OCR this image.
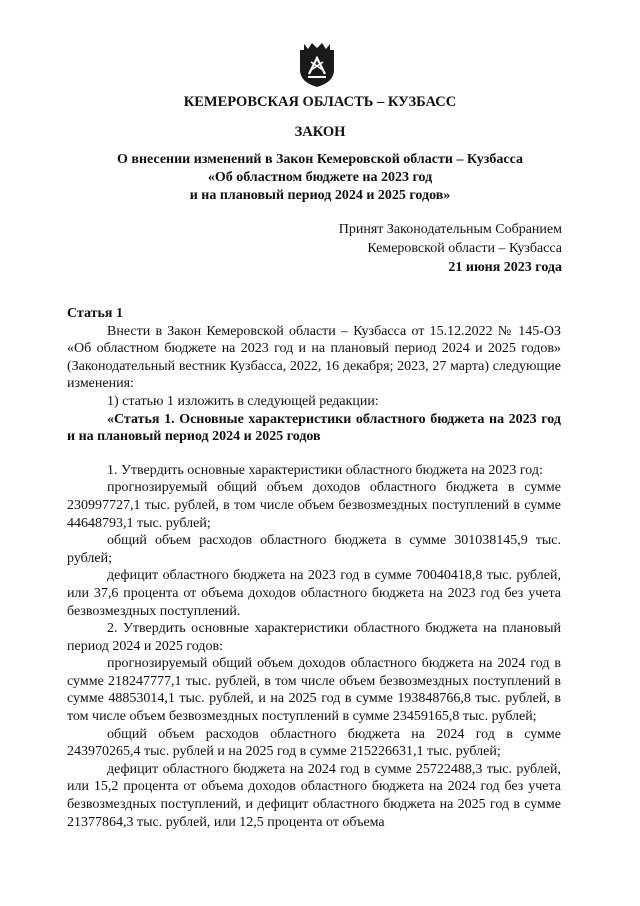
КЕМЕРОВСКАЯ ОБЛАСТЬ – КУЗБАСС
ЗАКОН
О внесении изменений в Закон Кемеровской области – Кузбасса
«Об областном бюджете на 2023 год
и на плановый период 2024 и 2025 годов»
Принят Законодательным Собранием
Кемеровской области – Кузбасса
21 июня 2023 года

Статья 1

Внести в Закон Кемеровской области – Кузбасса от 15.12.2022 № 145-ОЗ «Об областном бюджете на 2023 год и на плановый период 2024 и 2025 годов» (Законодательный вестник Кузбасса, 2022, 16 декабря; 2023, 27 марта) следующие изменения:

1) статью 1 изложить в следующей редакции:

«Статья 1. Основные характеристики областного бюджета на 2023 год и на плановый период 2024 и 2025 годов

1. Утвердить основные характеристики областного бюджета на 2023 год:

прогнозируемый общий объем доходов областного бюджета в сумме 230997727,1 тыс. рублей, в том числе объем безвозмездных поступлений в сумме 44648793,1 тыс. рублей;

общий объем расходов областного бюджета в сумме 301038145,9 тыс. рублей;

дефицит областного бюджета на 2023 год в сумме 70040418,8 тыс. рублей, или 37,6 процента от объема доходов областного бюджета на 2023 год без учета безвозмездных поступлений.

2. Утвердить основные характеристики областного бюджета на плановый период 2024 и 2025 годов:

прогнозируемый общий объем доходов областного бюджета на 2024 год в сумме 218247777,1 тыс. рублей, в том числе объем безвозмездных поступлений в сумме 48853014,1 тыс. рублей, и на 2025 год в сумме 193848766,8 тыс. рублей, в том числе объем безвозмездных поступлений в сумме 23459165,8 тыс. рублей;

общий объем расходов областного бюджета на 2024 год в сумме 243970265,4 тыс. рублей и на 2025 год в сумме 215226631,1 тыс. рублей;

дефицит областного бюджета на 2024 год в сумме 25722488,3 тыс. рублей, или 15,2 процента от объема доходов областного бюджета на 2024 год без учета безвозмездных поступлений, и дефицит областного бюджета на 2025 год в сумме 21377864,3 тыс. рублей, или 12,5 процента от объема
